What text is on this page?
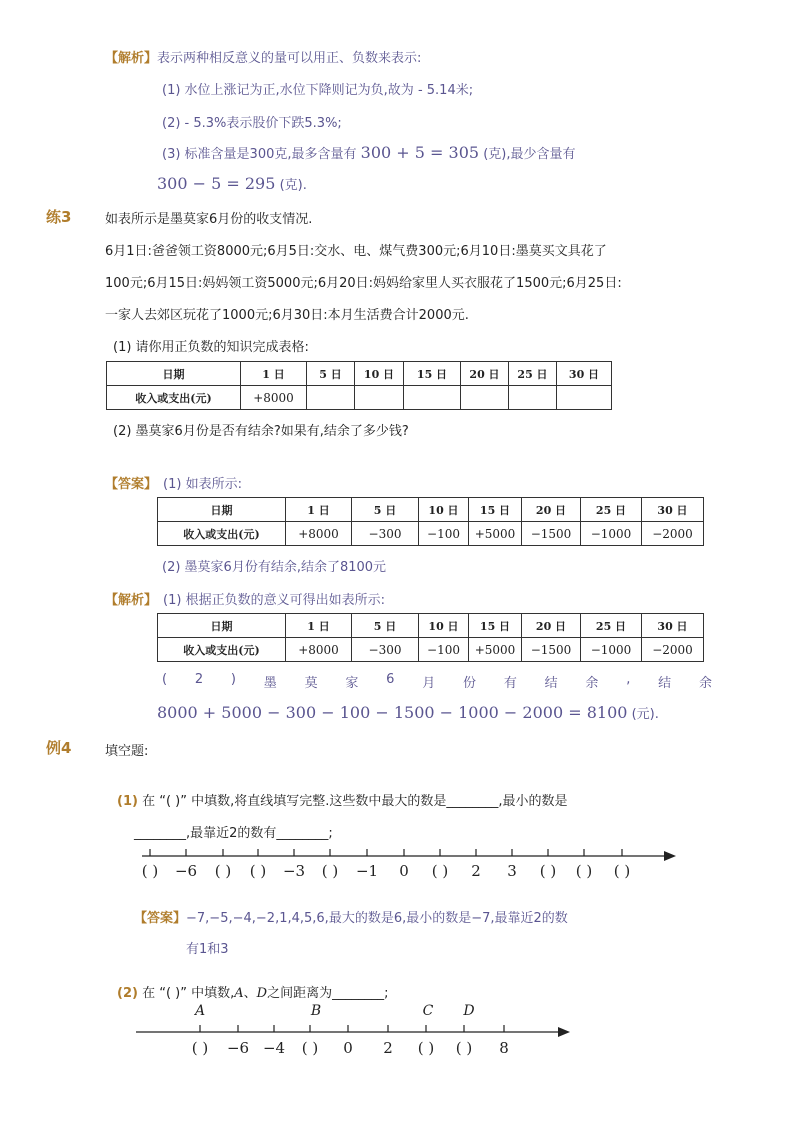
【解析】表示两种相反意义的量可以用正、负数来表示:
(1) 水位上涨记为正,水位下降则记为负,故为 - 5.14米;
(2) - 5.3%表示股价下跌5.3%;
(3) 标准含量是300克,最多含量有 300 + 5 = 305 (克),最少含量有
300 − 5 = 295 (克).
练3	如表所示是墨莫家6月份的收支情况.
6月1日:爸爸领工资8000元;6月5日:交水、电、煤气费300元;6月10日:墨莫买文具花了
100元;6月15日:妈妈领工资5000元;6月20日:妈妈给家里人买衣服花了1500元;6月25日:
一家人去郊区玩花了1000元;6月30日:本月生活费合计2000元.
(1) 请你用正负数的知识完成表格:
日期	1 日	5 日	10 日	15 日	20 日	25 日	30 日
收入或支出(元)	+8000						
(2) 墨莫家6月份是否有结余?如果有,结余了多少钱?
【答案】 (1) 如表所示:
日期	1 日	5 日	10 日	15 日	20 日	25 日	30 日
收入或支出(元)	+8000	−300	−100	+5000	−1500	−1000	−2000
(2) 墨莫家6月份有结余,结余了8100元
【解析】 (1) 根据正负数的意义可得出如表所示:
日期	1 日	5 日	10 日	15 日	20 日	25 日	30 日
收入或支出(元)	+8000	−300	−100	+5000	−1500	−1000	−2000
( 2 ) 墨 莫 家 6 月 份 有 结 余 , 结 余
8000 + 5000 − 300 − 100 − 1500 − 1000 − 2000 = 8100 (元).
例4	填空题:
(1) 在 “( )” 中填数,将直线填写完整.这些数中最大的数是________,最小的数是
________,最靠近2的数有________;
( ) −6 ( ) ( ) −3 ( ) −1 0 ( ) 2 3 ( ) ( ) ( )
【答案】−7,−5,−4,−2,1,4,5,6,最大的数是6,最小的数是−7,最靠近2的数
有1和3
(2) 在 “( )” 中填数,A、D之间距离为________;
A	B	C D
( ) −6 −4 ( ) 0 2 ( ) ( ) 8
